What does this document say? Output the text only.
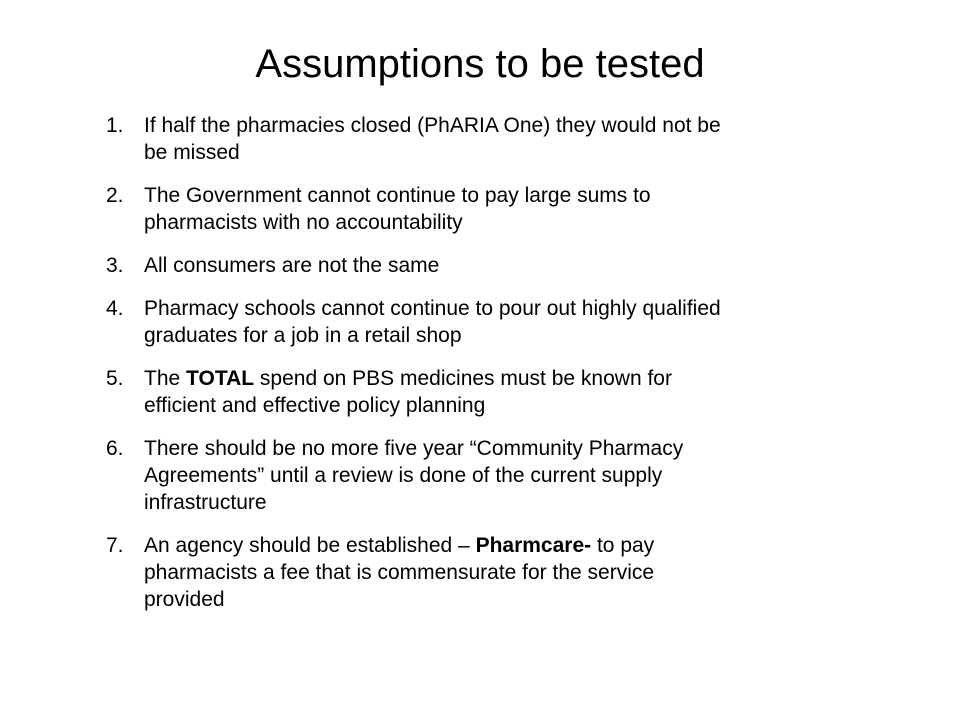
Assumptions to be tested
1. If half the pharmacies closed (PhARIA One) they would not be
be missed
2. The Government cannot continue to pay large sums to
pharmacists with no accountability
3. All consumers are not the same
4. Pharmacy schools cannot continue to pour out highly qualified
graduates for a job in a retail shop
5. The TOTAL spend on PBS medicines must be known for
efficient and effective policy planning
6. There should be no more five year “Community Pharmacy
Agreements” until a review is done of the current supply
infrastructure
7. An agency should be established – Pharmcare- to pay
pharmacists a fee that is commensurate for the service
provided
